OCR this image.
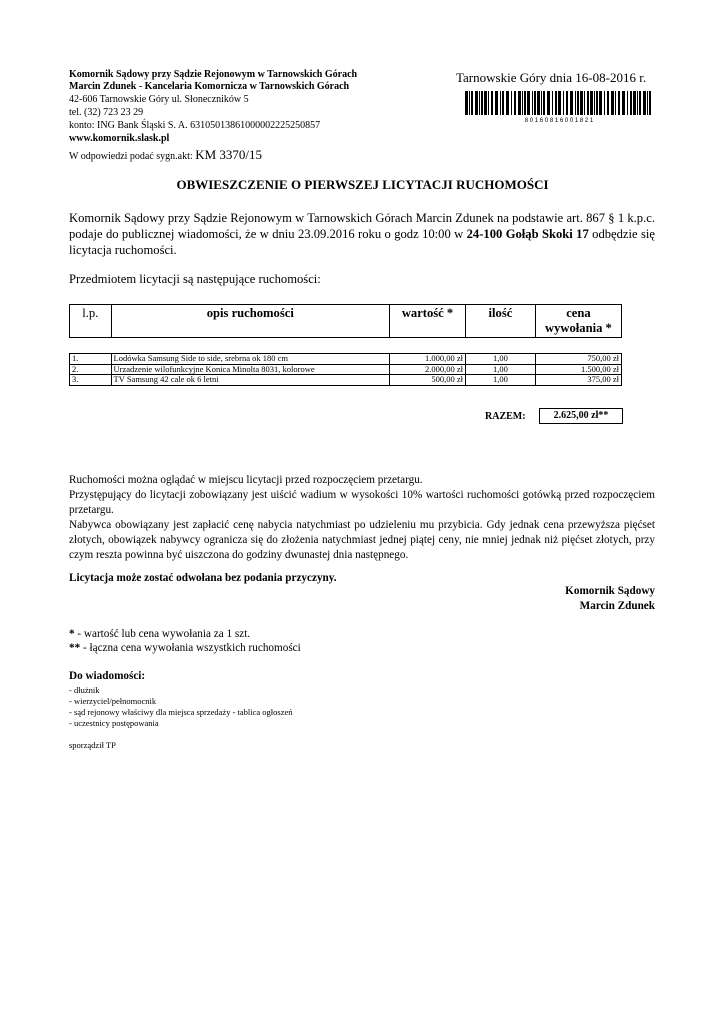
Komornik Sądowy przy Sądzie Rejonowym w Tarnowskich Górach
Marcin Zdunek - Kancelaria Komornicza w Tarnowskich Górach
42-606 Tarnowskie Góry ul. Słoneczników 5
tel. (32) 723 23 29
konto: ING Bank Śląski S. A. 63105013861000002225250857
www.komornik.slask.pl
W odpowiedzi podać sygn.akt: KM 3370/15
Tarnowskie Góry dnia 16-08-2016 r.
8 0 1 6 0 8 1 6 0 0 1 8 2 1
OBWIESZCZENIE O PIERWSZEJ LICYTACJI RUCHOMOŚCI
Komornik Sądowy przy Sądzie Rejonowym w Tarnowskich Górach Marcin Zdunek na podstawie art. 867 § 1 k.p.c. podaje do publicznej wiadomości, że w dniu 23.09.2016 roku o godz 10:00 w 24-100 Gołąb Skoki 17 odbędzie się licytacja ruchomości.
Przedmiotem licytacji są następujące ruchomości:
l.p.	opis ruchomości	wartość *	ilość	cena wywołania *
1.	Lodówka Samsung Side to side, srebrna ok 180 cm	1.000,00 zł	1,00	750,00 zł
2.	Urzadzenie wilofunkcyjne Konica Minolta 8031, kolorowe	2.000,00 zł	1,00	1.500,00 zł
3.	TV Samsung 42 cale ok 6 letni	500,00 zł	1,00	375,00 zł
RAZEM:	2.625,00 zł**

Ruchomości można oglądać w miejscu licytacji przed rozpoczęciem przetargu.

Przystępujący do licytacji zobowiązany jest uiścić wadium w wysokości 10% wartości ruchomości gotówką przed rozpoczęciem przetargu.

Nabywca obowiązany jest zapłacić cenę nabycia natychmiast po udzieleniu mu przybicia. Gdy jednak cena przewyższa pięćset złotych, obowiązek nabywcy ogranicza się do złożenia natychmiast jednej piątej ceny, nie mniej jednak niż pięćset złotych, przy czym reszta powinna być uiszczona do godziny dwunastej dnia następnego.

Licytacja może zostać odwołana bez podania przyczyny.
Komornik Sądowy
Marcin Zdunek
* - wartość lub cena wywołania za 1 szt.
** - łączna cena wywołania wszystkich ruchomości
Do wiadomości:
- dłużnik
- wierzyciel/pełnomocnik
- sąd rejonowy właściwy dla miejsca sprzedaży - tablica ogłoszeń
- uczestnicy postępowania
sporządził TP
